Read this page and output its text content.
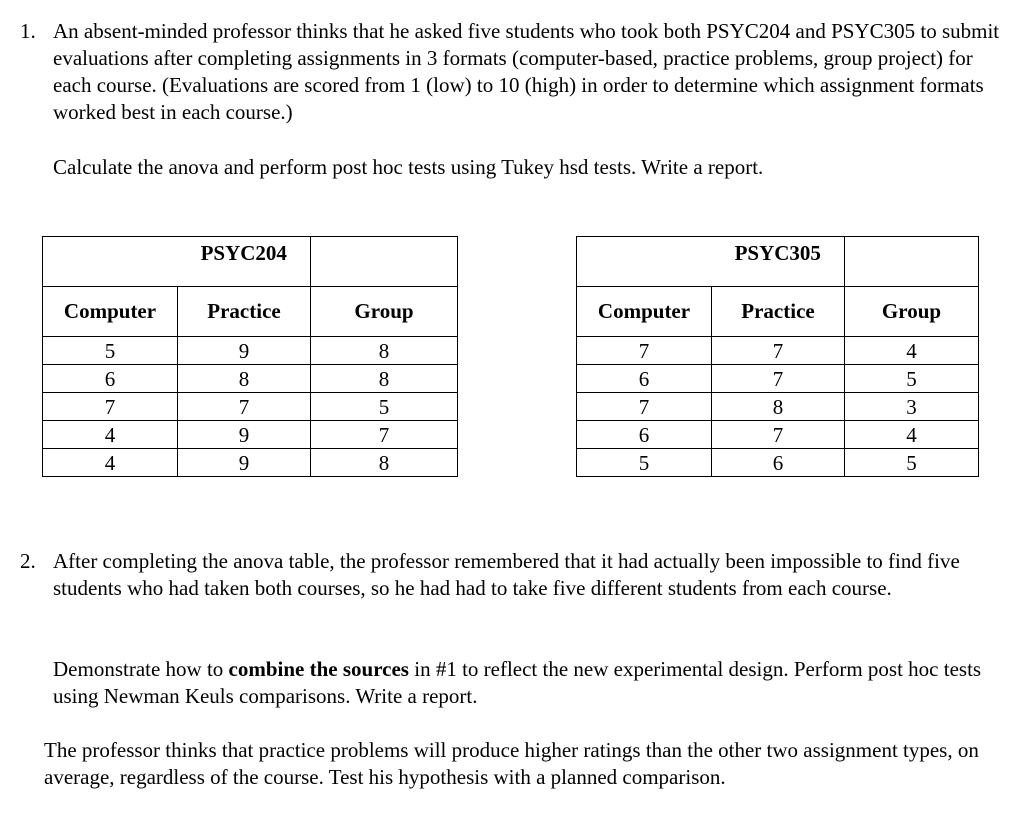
1. An absent-minded professor thinks that he asked five students who took both PSYC204 and PSYC305 to submit evaluations after completing assignments in 3 formats (computer-based, practice problems, group project) for each course. (Evaluations are scored from 1 (low) to 10 (high) in order to determine which assignment formats worked best in each course.)
Calculate the anova and perform post hoc tests using Tukey hsd tests. Write a report.
	PSYC204	
Computer	Practice	Group
5	9	8
6	8	8
7	7	5
4	9	7
4	9	8
	PSYC305	
Computer	Practice	Group
7	7	4
6	7	5
7	8	3
6	7	4
5	6	5
2. After completing the anova table, the professor remembered that it had actually been impossible to find five students who had taken both courses, so he had had to take five different students from each course.
Demonstrate how to combine the sources in #1 to reflect the new experimental design. Perform post hoc tests using Newman Keuls comparisons. Write a report.
The professor thinks that practice problems will produce higher ratings than the other two assignment types, on average, regardless of the course. Test his hypothesis with a planned comparison.
